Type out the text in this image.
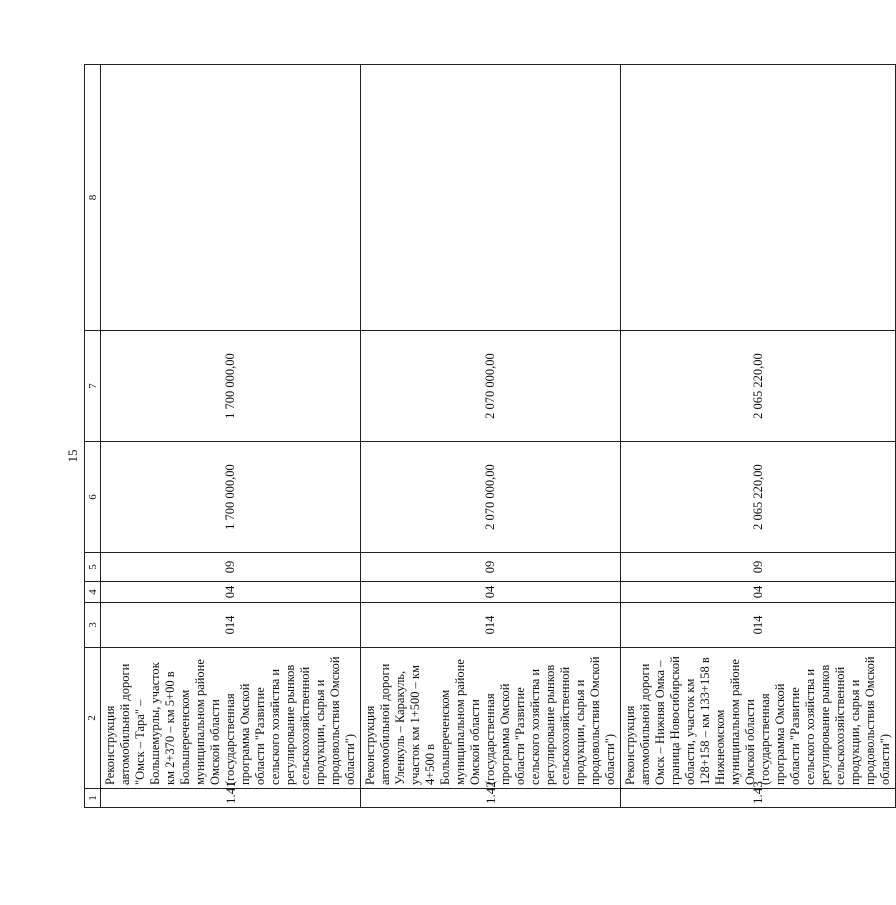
15
1	2	3	4	5	6	7	8
1.41	Реконструкция автомобильной дороги "Омск – Тара" – Большемурлы, участок км 2+370 – км 5+00 в Большереченском муниципальном районе Омской области (государственная программа Омской области "Развитие сельского хозяйства и регулирование рынков сельскохозяйственной продукции, сырья и продовольствия Омской области")	014	04	09	1 700 000,00	1 700 000,00	
1.42	Реконструкция автомобильной дороги Уленкуль – Каракуль, участок км 1+500 – км 4+500 в Большереченском муниципальном районе Омской области (государственная программа Омской области "Развитие сельского хозяйства и регулирование рынков сельскохозяйственной продукции, сырья и продовольствия Омской области")	014	04	09	2 070 000,00	2 070 000,00	
1.43	Реконструкция автомобильной дороги Омск – Нижняя Омка – граница Новосибирской области, участок км 128+158 – км 133+158 в Нижнеомском муниципальном районе Омской области (государственная программа Омской области "Развитие сельского хозяйства и регулирование рынков сельскохозяйственной продукции, сырья и продовольствия Омской области")	014	04	09	2 065 220,00	2 065 220,00	
